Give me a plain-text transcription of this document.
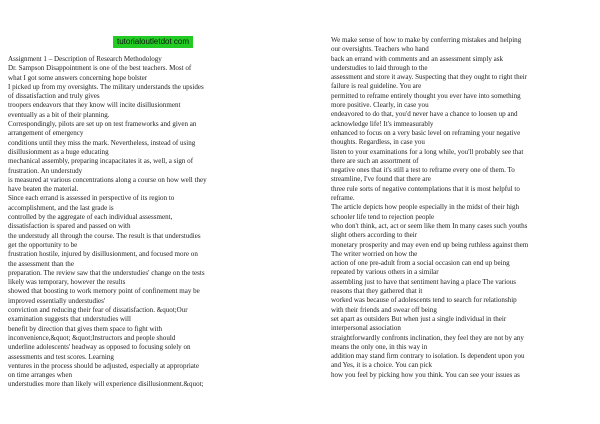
tutorialoutletdot com
Assignment 1 – Description of Research Methodology
Dr. Sampson Disappointment is one of the best teachers. Most of
what I got some answers concerning hope bolster
I picked up from my oversights. The military understands the upsides
of dissatisfaction and truly gives
troopers endeavors that they know will incite disillusionment
eventually as a bit of their planning.
Correspondingly, pilots are set up on test frameworks and given an
arrangement of emergency
conditions until they miss the mark. Nevertheless, instead of using
disillusionment as a huge educating
mechanical assembly, preparing incapacitates it as, well, a sign of
frustration. An understudy
is measured at various concentrations along a course on how well they
have beaten the material.
Since each errand is assessed in perspective of its region to
accomplishment, and the last grade is
controlled by the aggregate of each individual assessment,
dissatisfaction is spared and passed on with
the understudy all through the course. The result is that understudies
get the opportunity to be
frustration hostile, injured by disillusionment, and focused more on
the assessment than the
preparation. The review saw that the understudies' change on the tests
likely was temporary, however the results
showed that boosting to work memory point of confinement may be
improved essentially understudies'
conviction and reducing their fear of dissatisfaction. &quot;Our
examination suggests that understudies will
benefit by direction that gives them space to fight with
inconvenience,&quot; &quot;Instructors and people should
underline adolescents' headway as opposed to focusing solely on
assessments and test scores. Learning
ventures in the process should be adjusted, especially at appropriate
on time arranges when
understudies more than likely will experience disillusionment.&quot;
We make sense of how to make by conferring mistakes and helping
our oversights. Teachers who hand
back an errand with comments and an assessment simply ask
understudies to laid through to the
assessment and store it away. Suspecting that they ought to right their
failure is real guideline. You are
permitted to reframe entirely thought you ever have into something
more positive. Clearly, in case you
endeavored to do that, you'd never have a chance to loosen up and
acknowledge life! It's immeasurably
enhanced to focus on a very basic level on reframing your negative
thoughts. Regardless, in case you
listen to your examinations for a long while, you'll probably see that
there are such an assortment of
negative ones that it's still a test to reframe every one of them. To
streamline, I've found that there are
three rule sorts of negative contemplations that it is most helpful to
reframe.
The article depicts how people especially in the midst of their high
schooler life tend to rejection people
who don't think, act, act or seem like them In many cases such youths
slight others according to their
monetary prosperity and may even end up being ruthless against them
The writer worried on how the
action of one pre-adult from a social occasion can end up being
repeated by various others in a similar
assembling just to have that sentiment having a place The various
reasons that they gathered that it
worked was because of adolescents tend to search for relationship
with their friends and swear off being
set apart as outsiders But when just a single individual in their
interpersonal association
straightforwardly confronts inclination, they feel they are not by any
means the only one, in this way in
addition may stand firm contrary to isolation. Is dependent upon you
and Yes, it is a choice. You can pick
how you feel by picking how you think. You can see your issues as
